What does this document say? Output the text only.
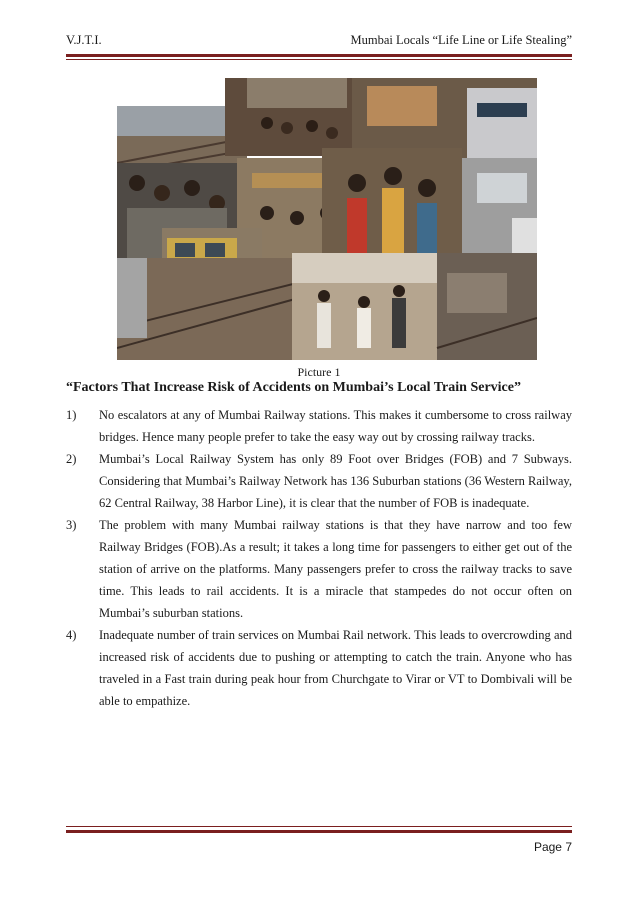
V.J.T.I.	Mumbai Locals “Life Line or Life Stealing”
Picture 1
“Factors That Increase Risk of Accidents on Mumbai’s Local Train Service”
1) No escalators at any of Mumbai Railway stations. This makes it cumbersome to cross railway bridges. Hence many people prefer to take the easy way out by crossing railway tracks.
2) Mumbai’s Local Railway System has only 89 Foot over Bridges (FOB) and 7 Subways. Considering that Mumbai’s Railway Network has 136 Suburban stations (36 Western Railway, 62 Central Railway, 38 Harbor Line), it is clear that the number of FOB is inadequate.
3) The problem with many Mumbai railway stations is that they have narrow and too few Railway Bridges (FOB).As a result; it takes a long time for passengers to either get out of the station of arrive on the platforms. Many passengers prefer to cross the railway tracks to save time. This leads to rail accidents. It is a miracle that stampedes do not occur often on Mumbai’s suburban stations.
4) Inadequate number of train services on Mumbai Rail network. This leads to overcrowding and increased risk of accidents due to pushing or attempting to catch the train. Anyone who has traveled in a Fast train during peak hour from Churchgate to Virar or VT to Dombivali will be able to empathize.
Page 7
